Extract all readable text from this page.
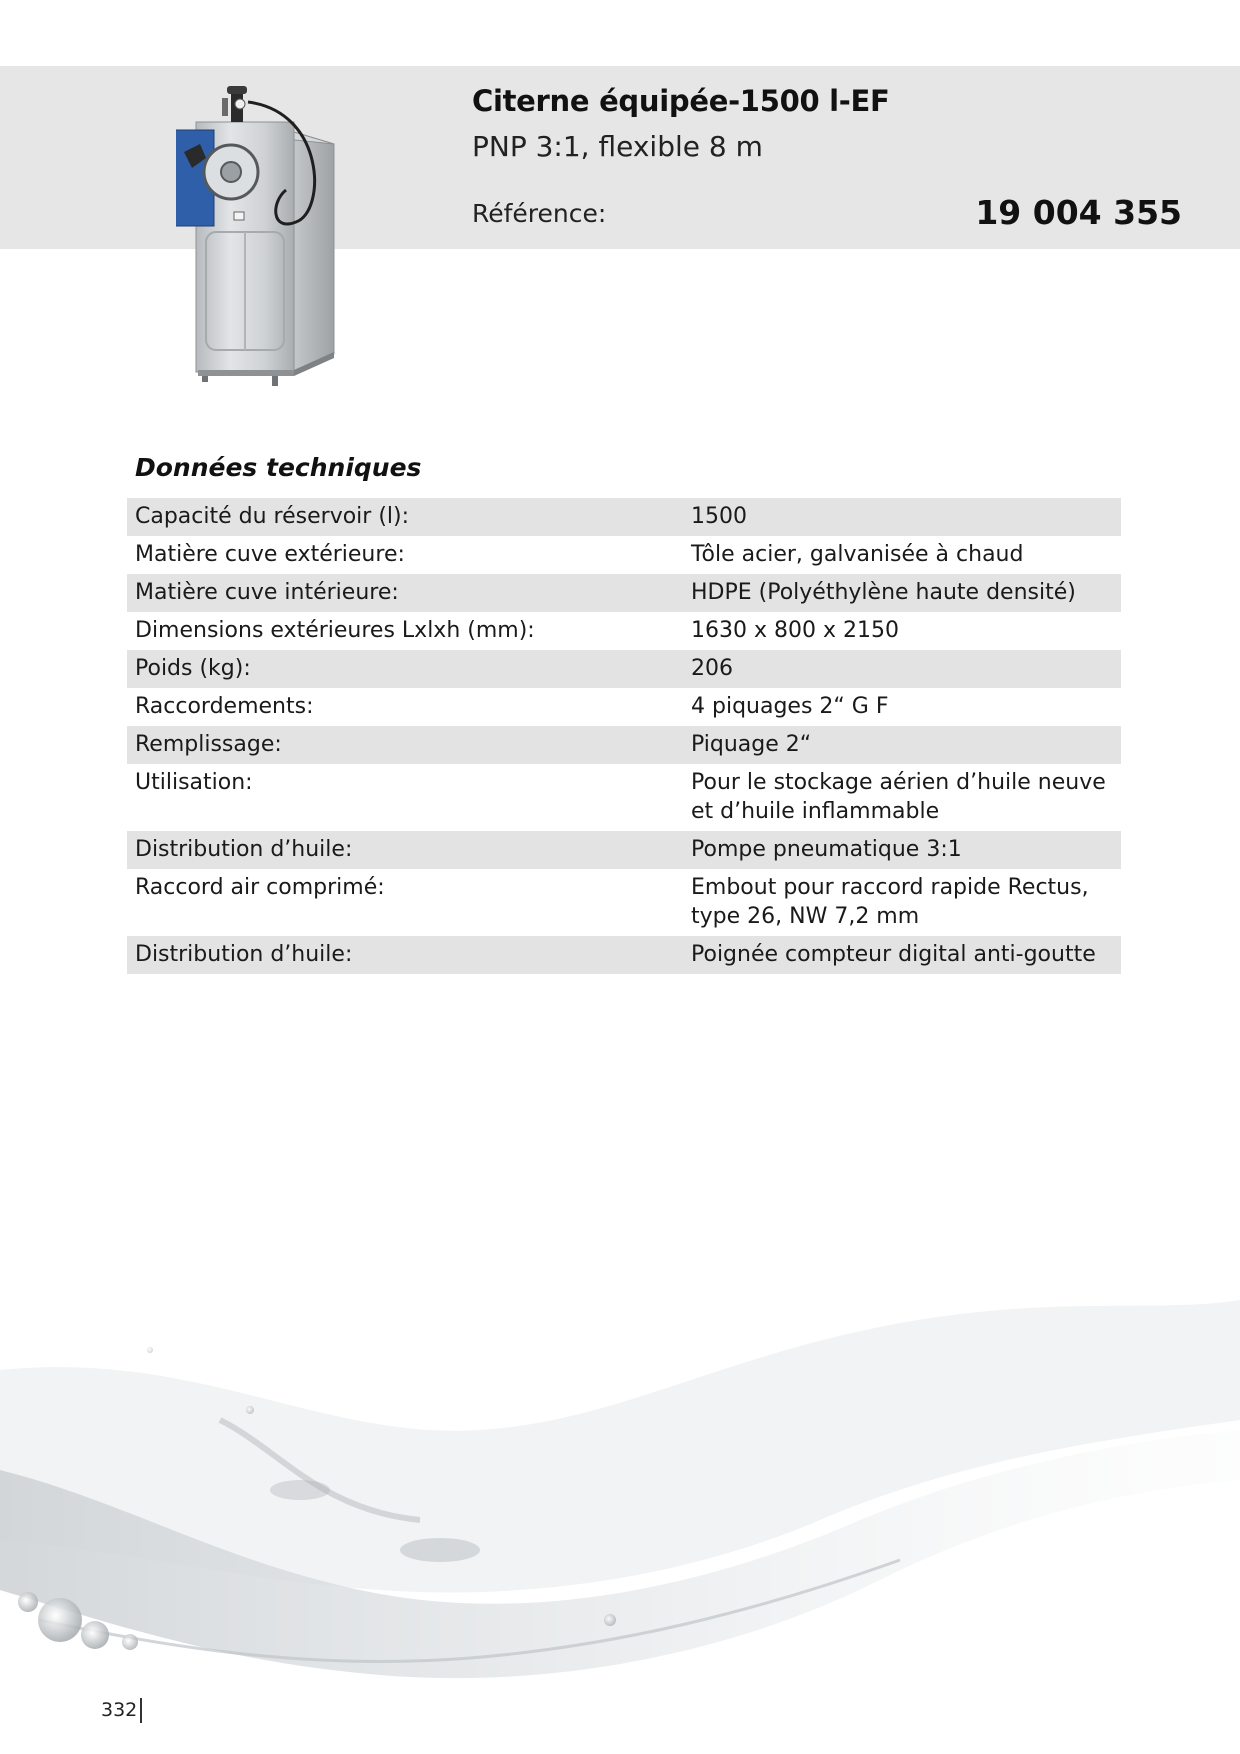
Citerne équipée-1500 l-EF
PNP 3:1, flexible 8 m
Référence:	19 004 355
Données techniques
Capacité du réservoir (l):	1500
Matière cuve extérieure:	Tôle acier, galvanisée à chaud
Matière cuve intérieure:	HDPE (Polyéthylène haute densité)
Dimensions extérieures Lxlxh (mm):	1630 x 800 x 2150
Poids (kg):	206
Raccordements:	4 piquages 2“ G F
Remplissage:	Piquage 2“
Utilisation:	Pour le stockage aérien d’huile neuve et d’huile inflammable
Distribution d’huile:	Pompe pneumatique 3:1
Raccord air comprimé:	Embout pour raccord rapide Rectus, type 26, NW 7,2 mm
Distribution d’huile:	Poignée compteur digital anti-goutte
332
